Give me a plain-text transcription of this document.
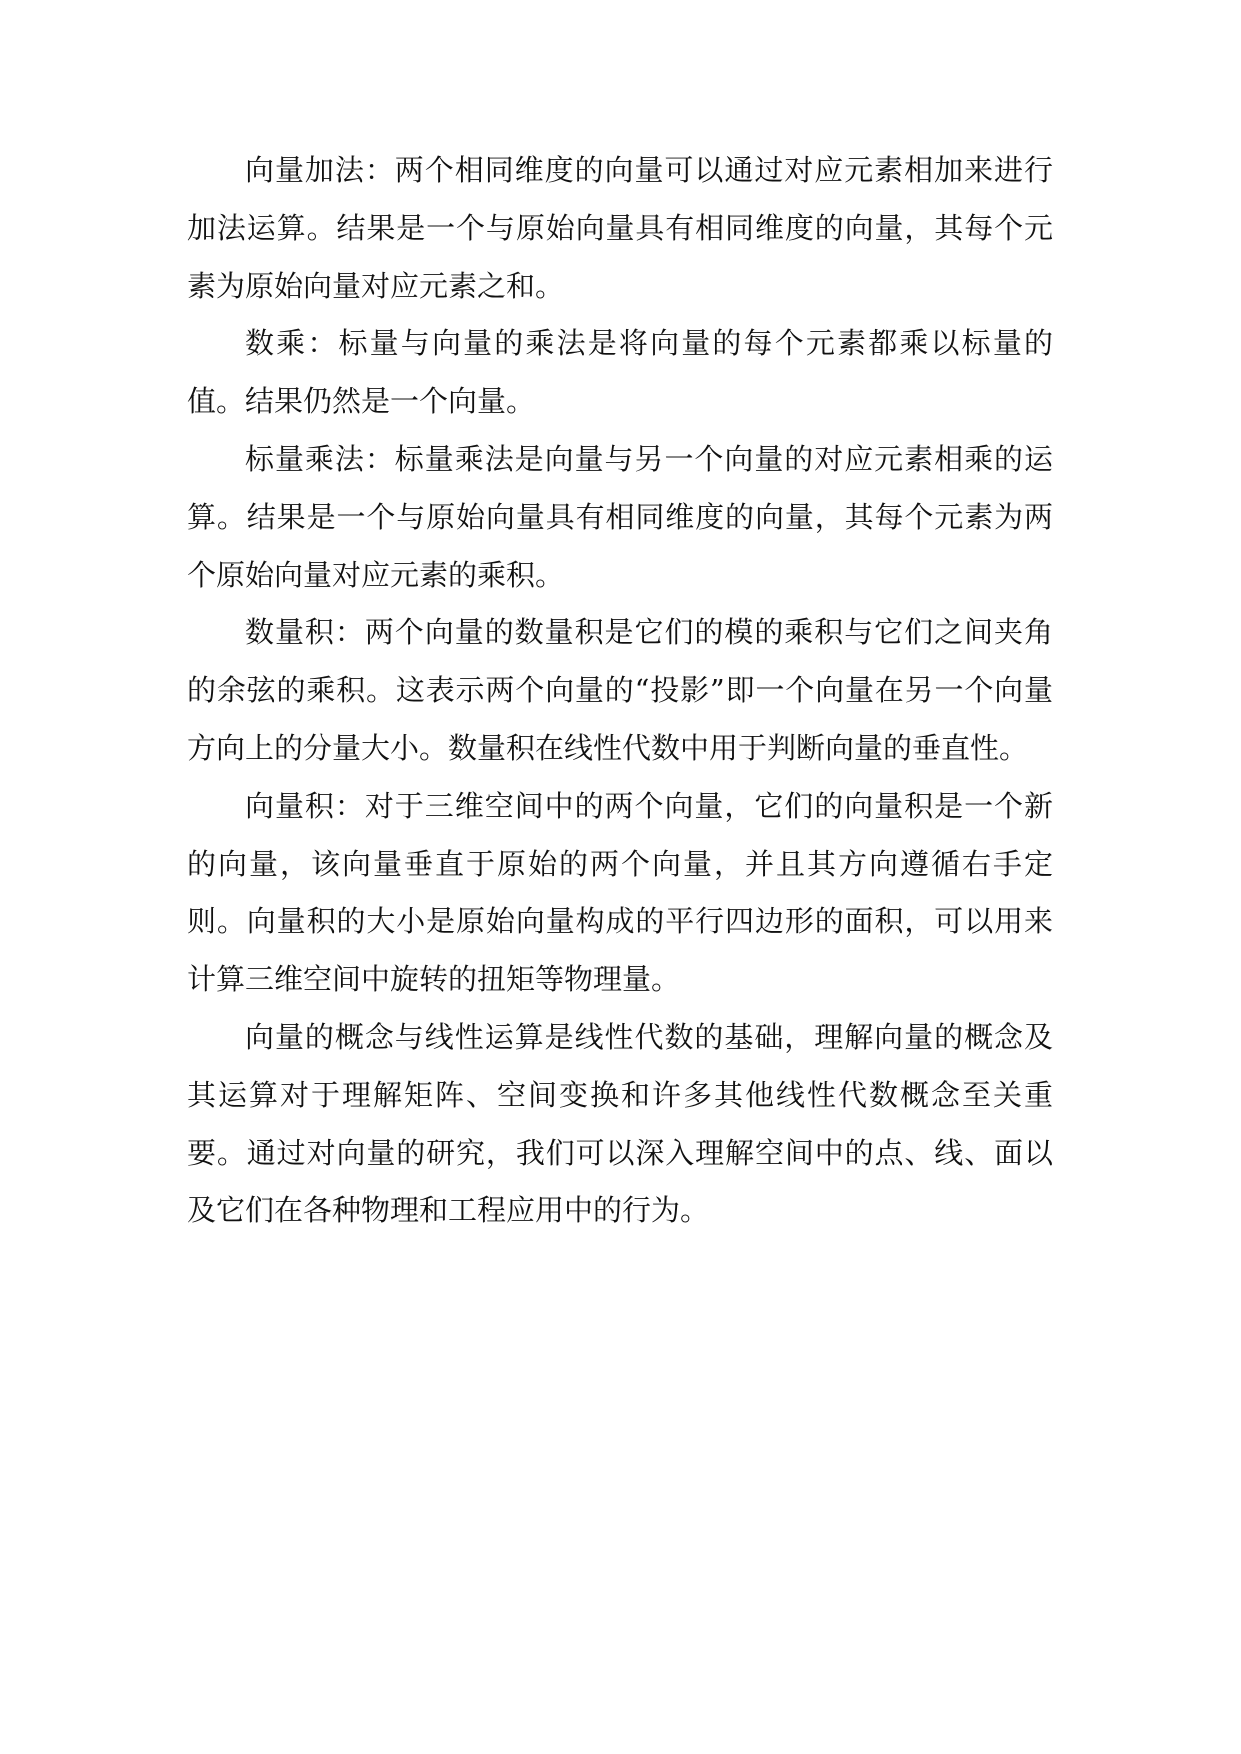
向量加法：两个相同维度的向量可以通过对应元素相加来进行加法运算。结果是一个与原始向量具有相同维度的向量，其每个元素为原始向量对应元素之和。

数乘：标量与向量的乘法是将向量的每个元素都乘以标量的值。结果仍然是一个向量。

标量乘法：标量乘法是向量与另一个向量的对应元素相乘的运算。结果是一个与原始向量具有相同维度的向量，其每个元素为两个原始向量对应元素的乘积。

数量积：两个向量的数量积是它们的模的乘积与它们之间夹角的余弦的乘积。这表示两个向量的“投影”即一个向量在另一个向量方向上的分量大小。数量积在线性代数中用于判断向量的垂直性。

向量积：对于三维空间中的两个向量，它们的向量积是一个新的向量，该向量垂直于原始的两个向量，并且其方向遵循右手定则。向量积的大小是原始向量构成的平行四边形的面积，可以用来计算三维空间中旋转的扭矩等物理量。

向量的概念与线性运算是线性代数的基础，理解向量的概念及其运算对于理解矩阵、空间变换和许多其他线性代数概念至关重要。通过对向量的研究，我们可以深入理解空间中的点、线、面以及它们在各种物理和工程应用中的行为。
